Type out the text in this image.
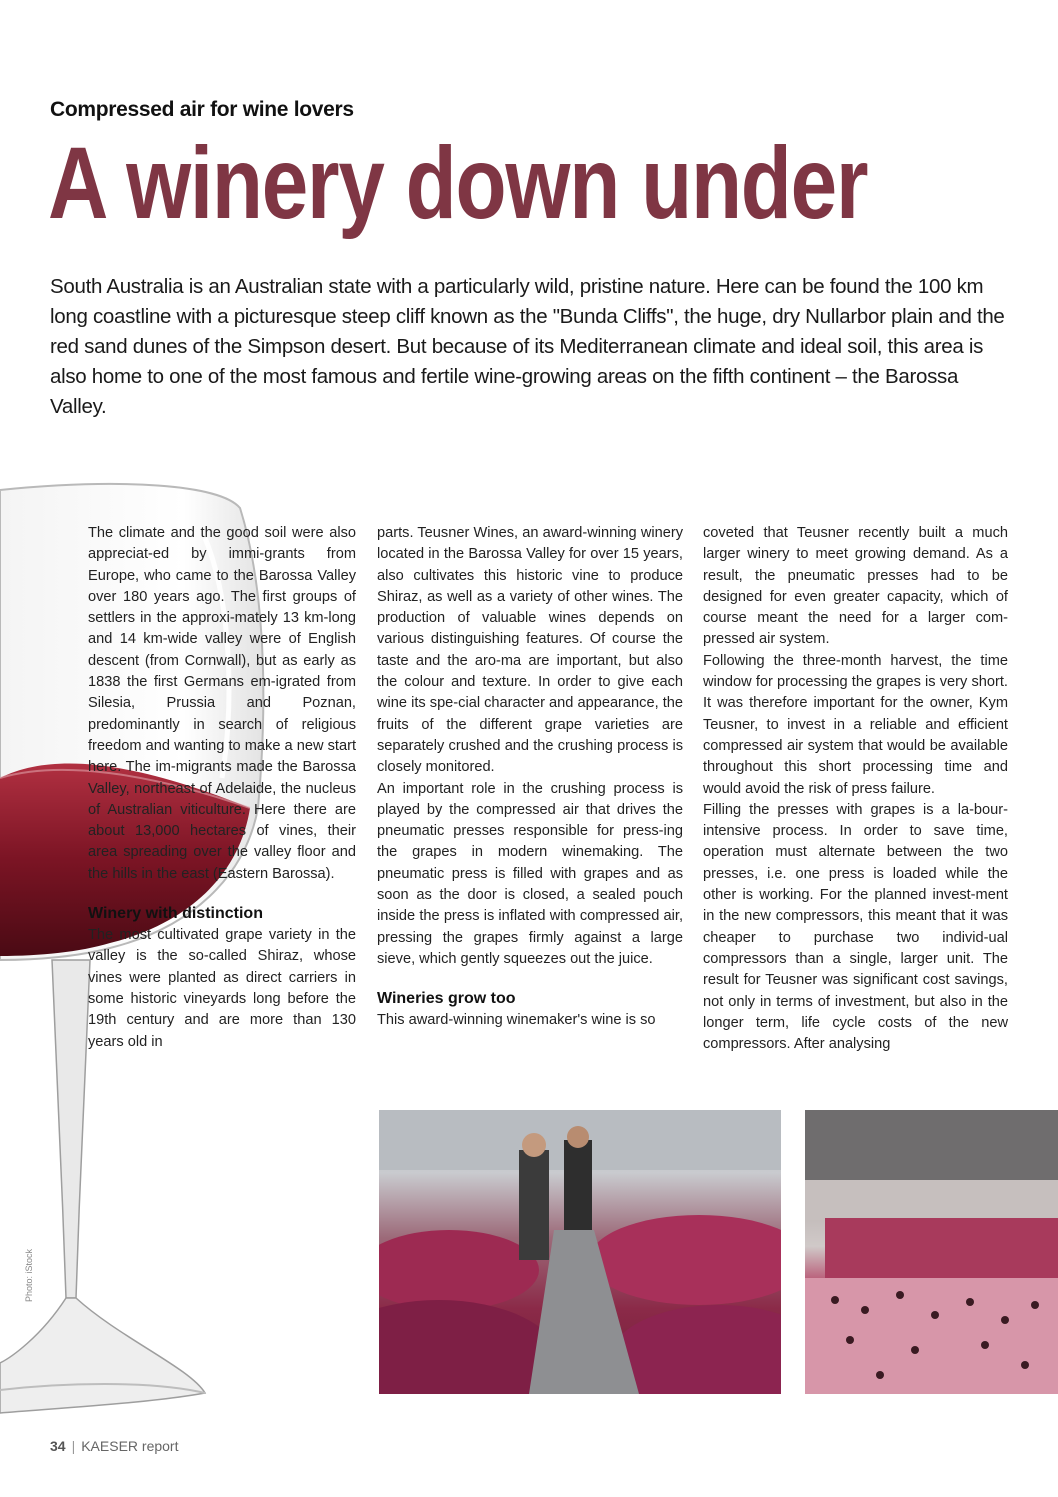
Compressed air for wine lovers
A winery down under

South Australia is an Australian state with a particularly wild, pristine nature. Here can be found the 100 km long coastline with a picturesque steep cliff known as the "Bunda Cliffs", the huge, dry Nullarbor plain and the red sand dunes of the Simpson desert. But because of its Mediterranean climate and ideal soil, this area is also home to one of the most famous and fertile wine-growing areas on the fifth continent – the Barossa Valley.

Photo: iStock

The climate and the good soil were also appreciat-ed by immi-grants from Europe, who came to the Barossa Valley over 180 years ago. The first groups of settlers in the approxi-mately 13 km-long and 14 km-wide valley were of English descent (from Cornwall), but as early as 1838 the first Germans em-igrated from Silesia, Prussia and Poznan, predominantly in search of religious freedom and wanting to make a new start here. The im-migrants made the Barossa Valley, northeast of Adelaide, the nucleus of Australian viticulture. Here there are about 13,000 hectares of vines, their area spreading over the valley floor and the hills in the east (Eastern Barossa).

Winery with distinction

The most cultivated grape variety in the valley is the so-called Shiraz, whose vines were planted as direct carriers in some historic vineyards long before the 19th century and are more than 130 years old in

parts. Teusner Wines, an award-winning winery located in the Barossa Valley for over 15 years, also cultivates this historic vine to produce Shiraz, as well as a variety of other wines. The production of valuable wines depends on various distinguishing features. Of course the taste and the aro-ma are important, but also the colour and texture. In order to give each wine its spe-cial character and appearance, the fruits of the different grape varieties are separately crushed and the crushing process is closely monitored.

An important role in the crushing process is played by the compressed air that drives the pneumatic presses responsible for press-ing the grapes in modern winemaking. The pneumatic press is filled with grapes and as soon as the door is closed, a sealed pouch inside the press is inflated with compressed air, pressing the grapes firmly against a large sieve, which gently squeezes out the juice.

Wineries grow too

This award-winning winemaker's wine is so

coveted that Teusner recently built a much larger winery to meet growing demand. As a result, the pneumatic presses had to be designed for even greater capacity, which of course meant the need for a larger com-pressed air system.

Following the three-month harvest, the time window for processing the grapes is very short. It was therefore important for the owner, Kym Teusner, to invest in a reliable and efficient compressed air system that would be available throughout this short processing time and would avoid the risk of press failure.

Filling the presses with grapes is a la-bour-intensive process. In order to save time, operation must alternate between the two presses, i.e. one press is loaded while the other is working. For the planned invest-ment in the new compressors, this meant that it was cheaper to purchase two individ-ual compressors than a single, larger unit. The result for Teusner was significant cost savings, not only in terms of investment, but also in the longer term, life cycle costs of the new compressors. After analysing

34 | KAESER report
